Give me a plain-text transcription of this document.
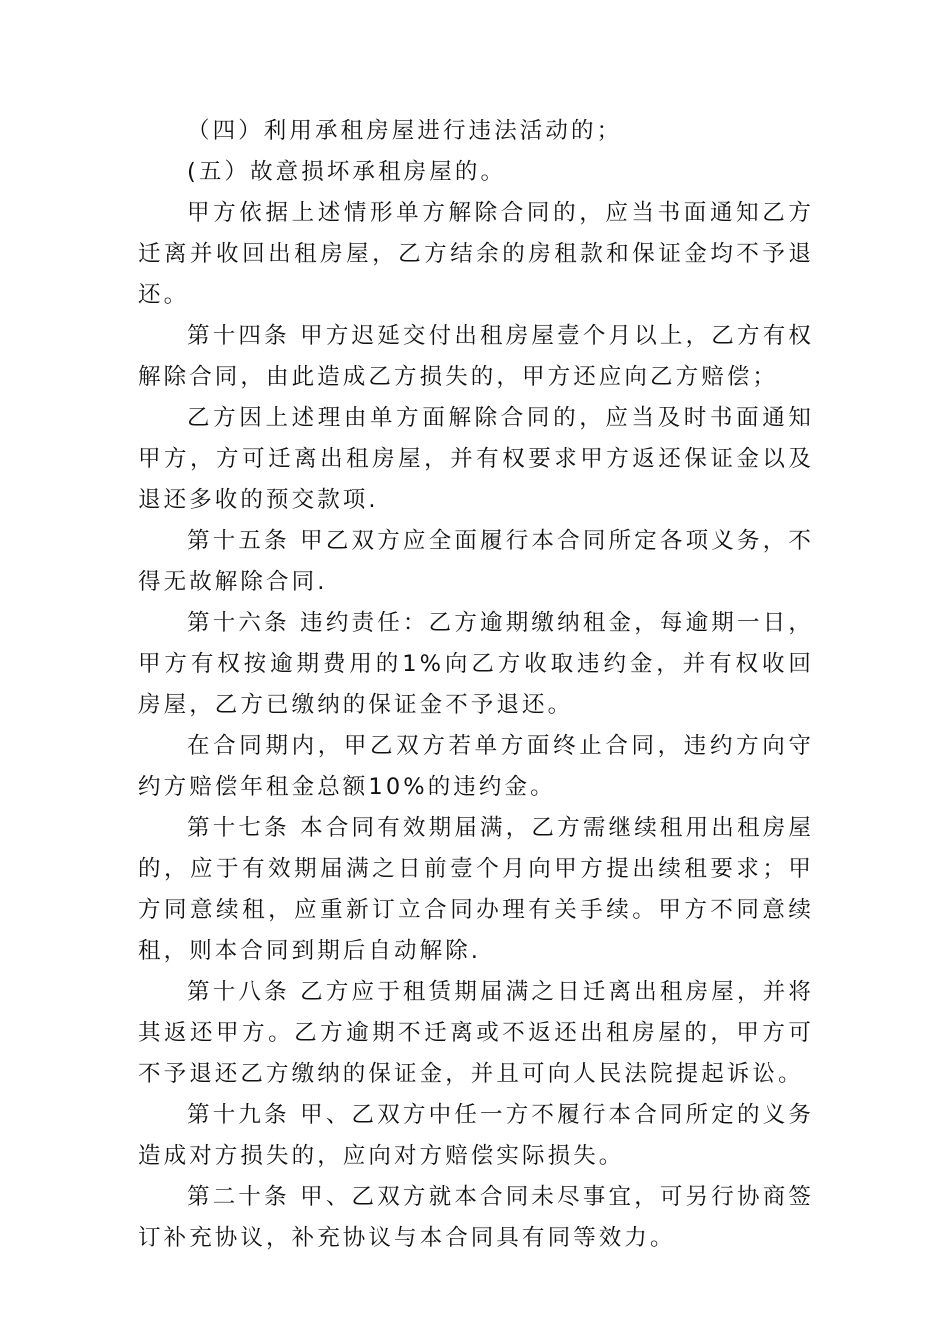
（四）利用承租房屋进行违法活动的；

(五）故意损坏承租房屋的。

甲方依据上述情形单方解除合同的，应当书面通知乙方迁离并收回出租房屋，乙方结余的房租款和保证金均不予退还。

第十四条 甲方迟延交付出租房屋壹个月以上，乙方有权解除合同，由此造成乙方损失的，甲方还应向乙方赔偿；

乙方因上述理由单方面解除合同的，应当及时书面通知甲方，方可迁离出租房屋，并有权要求甲方返还保证金以及退还多收的预交款项.

第十五条 甲乙双方应全面履行本合同所定各项义务，不得无故解除合同.

第十六条 违约责任：乙方逾期缴纳租金，每逾期一日，甲方有权按逾期费用的1%向乙方收取违约金，并有权收回房屋，乙方已缴纳的保证金不予退还。

在合同期内，甲乙双方若单方面终止合同，违约方向守约方赔偿年租金总额10%的违约金。

第十七条 本合同有效期届满，乙方需继续租用出租房屋的，应于有效期届满之日前壹个月向甲方提出续租要求；甲方同意续租，应重新订立合同办理有关手续。甲方不同意续租，则本合同到期后自动解除.

第十八条 乙方应于租赁期届满之日迁离出租房屋，并将其返还甲方。乙方逾期不迁离或不返还出租房屋的，甲方可不予退还乙方缴纳的保证金，并且可向人民法院提起诉讼。

第十九条 甲、乙双方中任一方不履行本合同所定的义务造成对方损失的，应向对方赔偿实际损失。

第二十条 甲、乙双方就本合同未尽事宜，可另行协商签订补充协议，补充协议与本合同具有同等效力。
